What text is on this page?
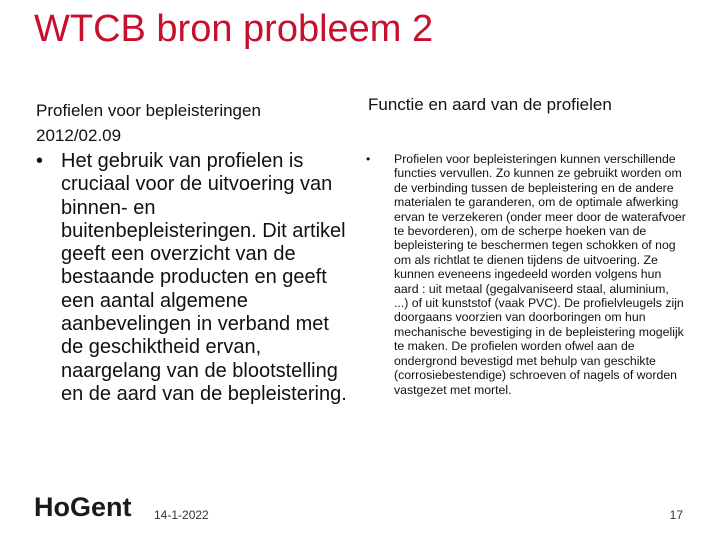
WTCB bron probleem 2
Profielen voor bepleisteringen 2012/02.09
• Het gebruik van profielen is cruciaal voor de uitvoering van binnen- en buitenbepleisteringen. Dit artikel geeft een overzicht van de bestaande producten en geeft een aantal algemene aanbevelingen in verband met de geschiktheid ervan, naargelang van de blootstelling en de aard van de bepleistering.
Functie en aard van de profielen
• Profielen voor bepleisteringen kunnen verschillende functies vervullen. Zo kunnen ze gebruikt worden om de verbinding tussen de bepleistering en de andere materialen te garanderen, om de optimale afwerking ervan te verzekeren (onder meer door de waterafvoer te bevorderen), om de scherpe hoeken van de bepleistering te beschermen tegen schokken of nog om als richtlat te dienen tijdens de uitvoering. Ze kunnen eveneens ingedeeld worden volgens hun aard : uit metaal (gegalvaniseerd staal, aluminium, ...) of uit kunststof (vaak PVC). De profielvleugels zijn doorgaans voorzien van doorboringen om hun mechanische bevestiging in de bepleistering mogelijk te maken. De profielen worden ofwel aan de ondergrond bevestigd met behulp van geschikte (corrosiebestendige) schroeven of nagels of worden vastgezet met mortel.
HoGent 14-1-2022	17
